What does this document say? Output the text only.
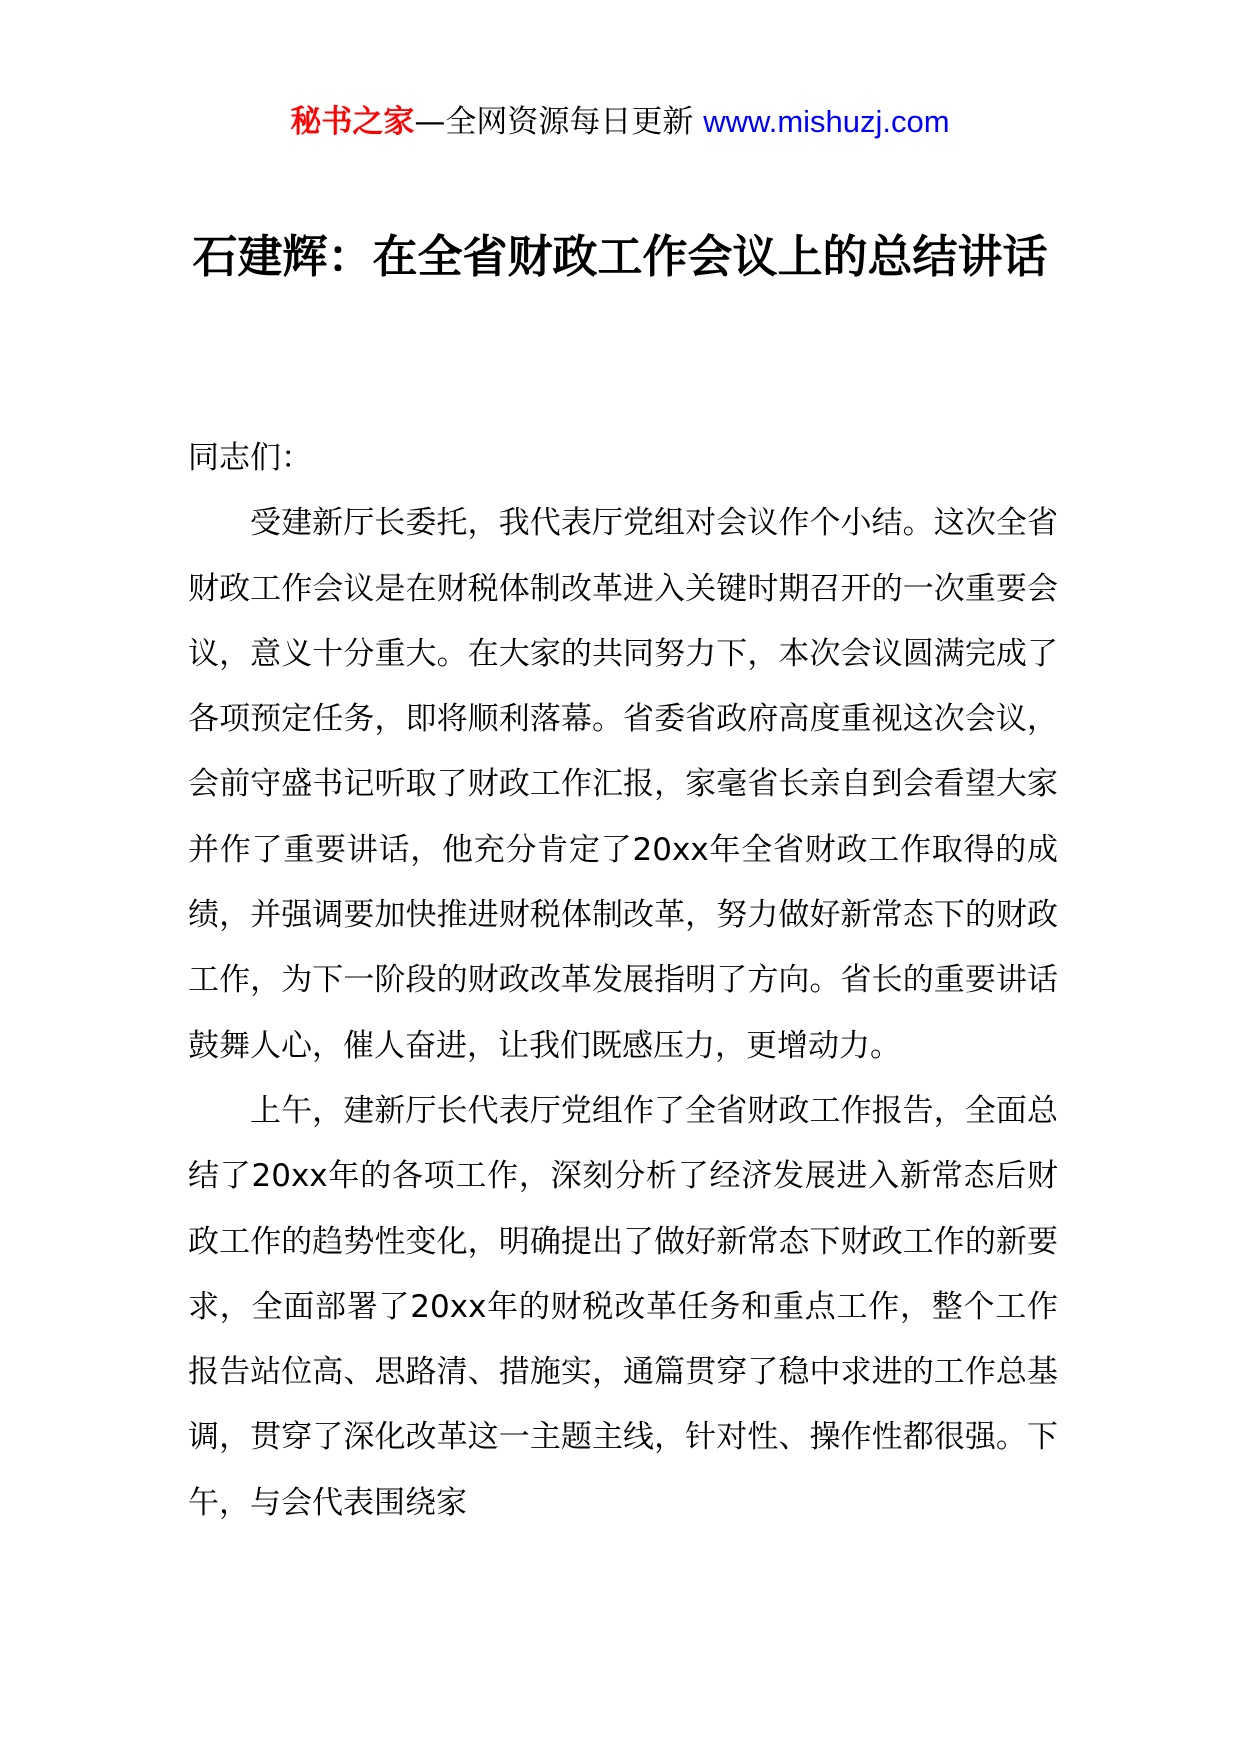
秘书之家—全网资源每日更新 www.mishuzj.com
石建辉：在全省财政工作会议上的总结讲话

同志们：

受建新厅长委托，我代表厅党组对会议作个小结。这次全省财政工作会议是在财税体制改革进入关键时期召开的一次重要会议，意义十分重大。在大家的共同努力下，本次会议圆满完成了各项预定任务，即将顺利落幕。省委省政府高度重视这次会议，会前守盛书记听取了财政工作汇报，家毫省长亲自到会看望大家并作了重要讲话，他充分肯定了20xx年全省财政工作取得的成绩，并强调要加快推进财税体制改革，努力做好新常态下的财政工作，为下一阶段的财政改革发展指明了方向。省长的重要讲话鼓舞人心，催人奋进，让我们既感压力，更增动力。

上午，建新厅长代表厅党组作了全省财政工作报告，全面总结了20xx年的各项工作，深刻分析了经济发展进入新常态后财政工作的趋势性变化，明确提出了做好新常态下财政工作的新要求，全面部署了20xx年的财税改革任务和重点工作，整个工作报告站位高、思路清、措施实，通篇贯穿了稳中求进的工作总基调，贯穿了深化改革这一主题主线，针对性、操作性都很强。下午，与会代表围绕家
